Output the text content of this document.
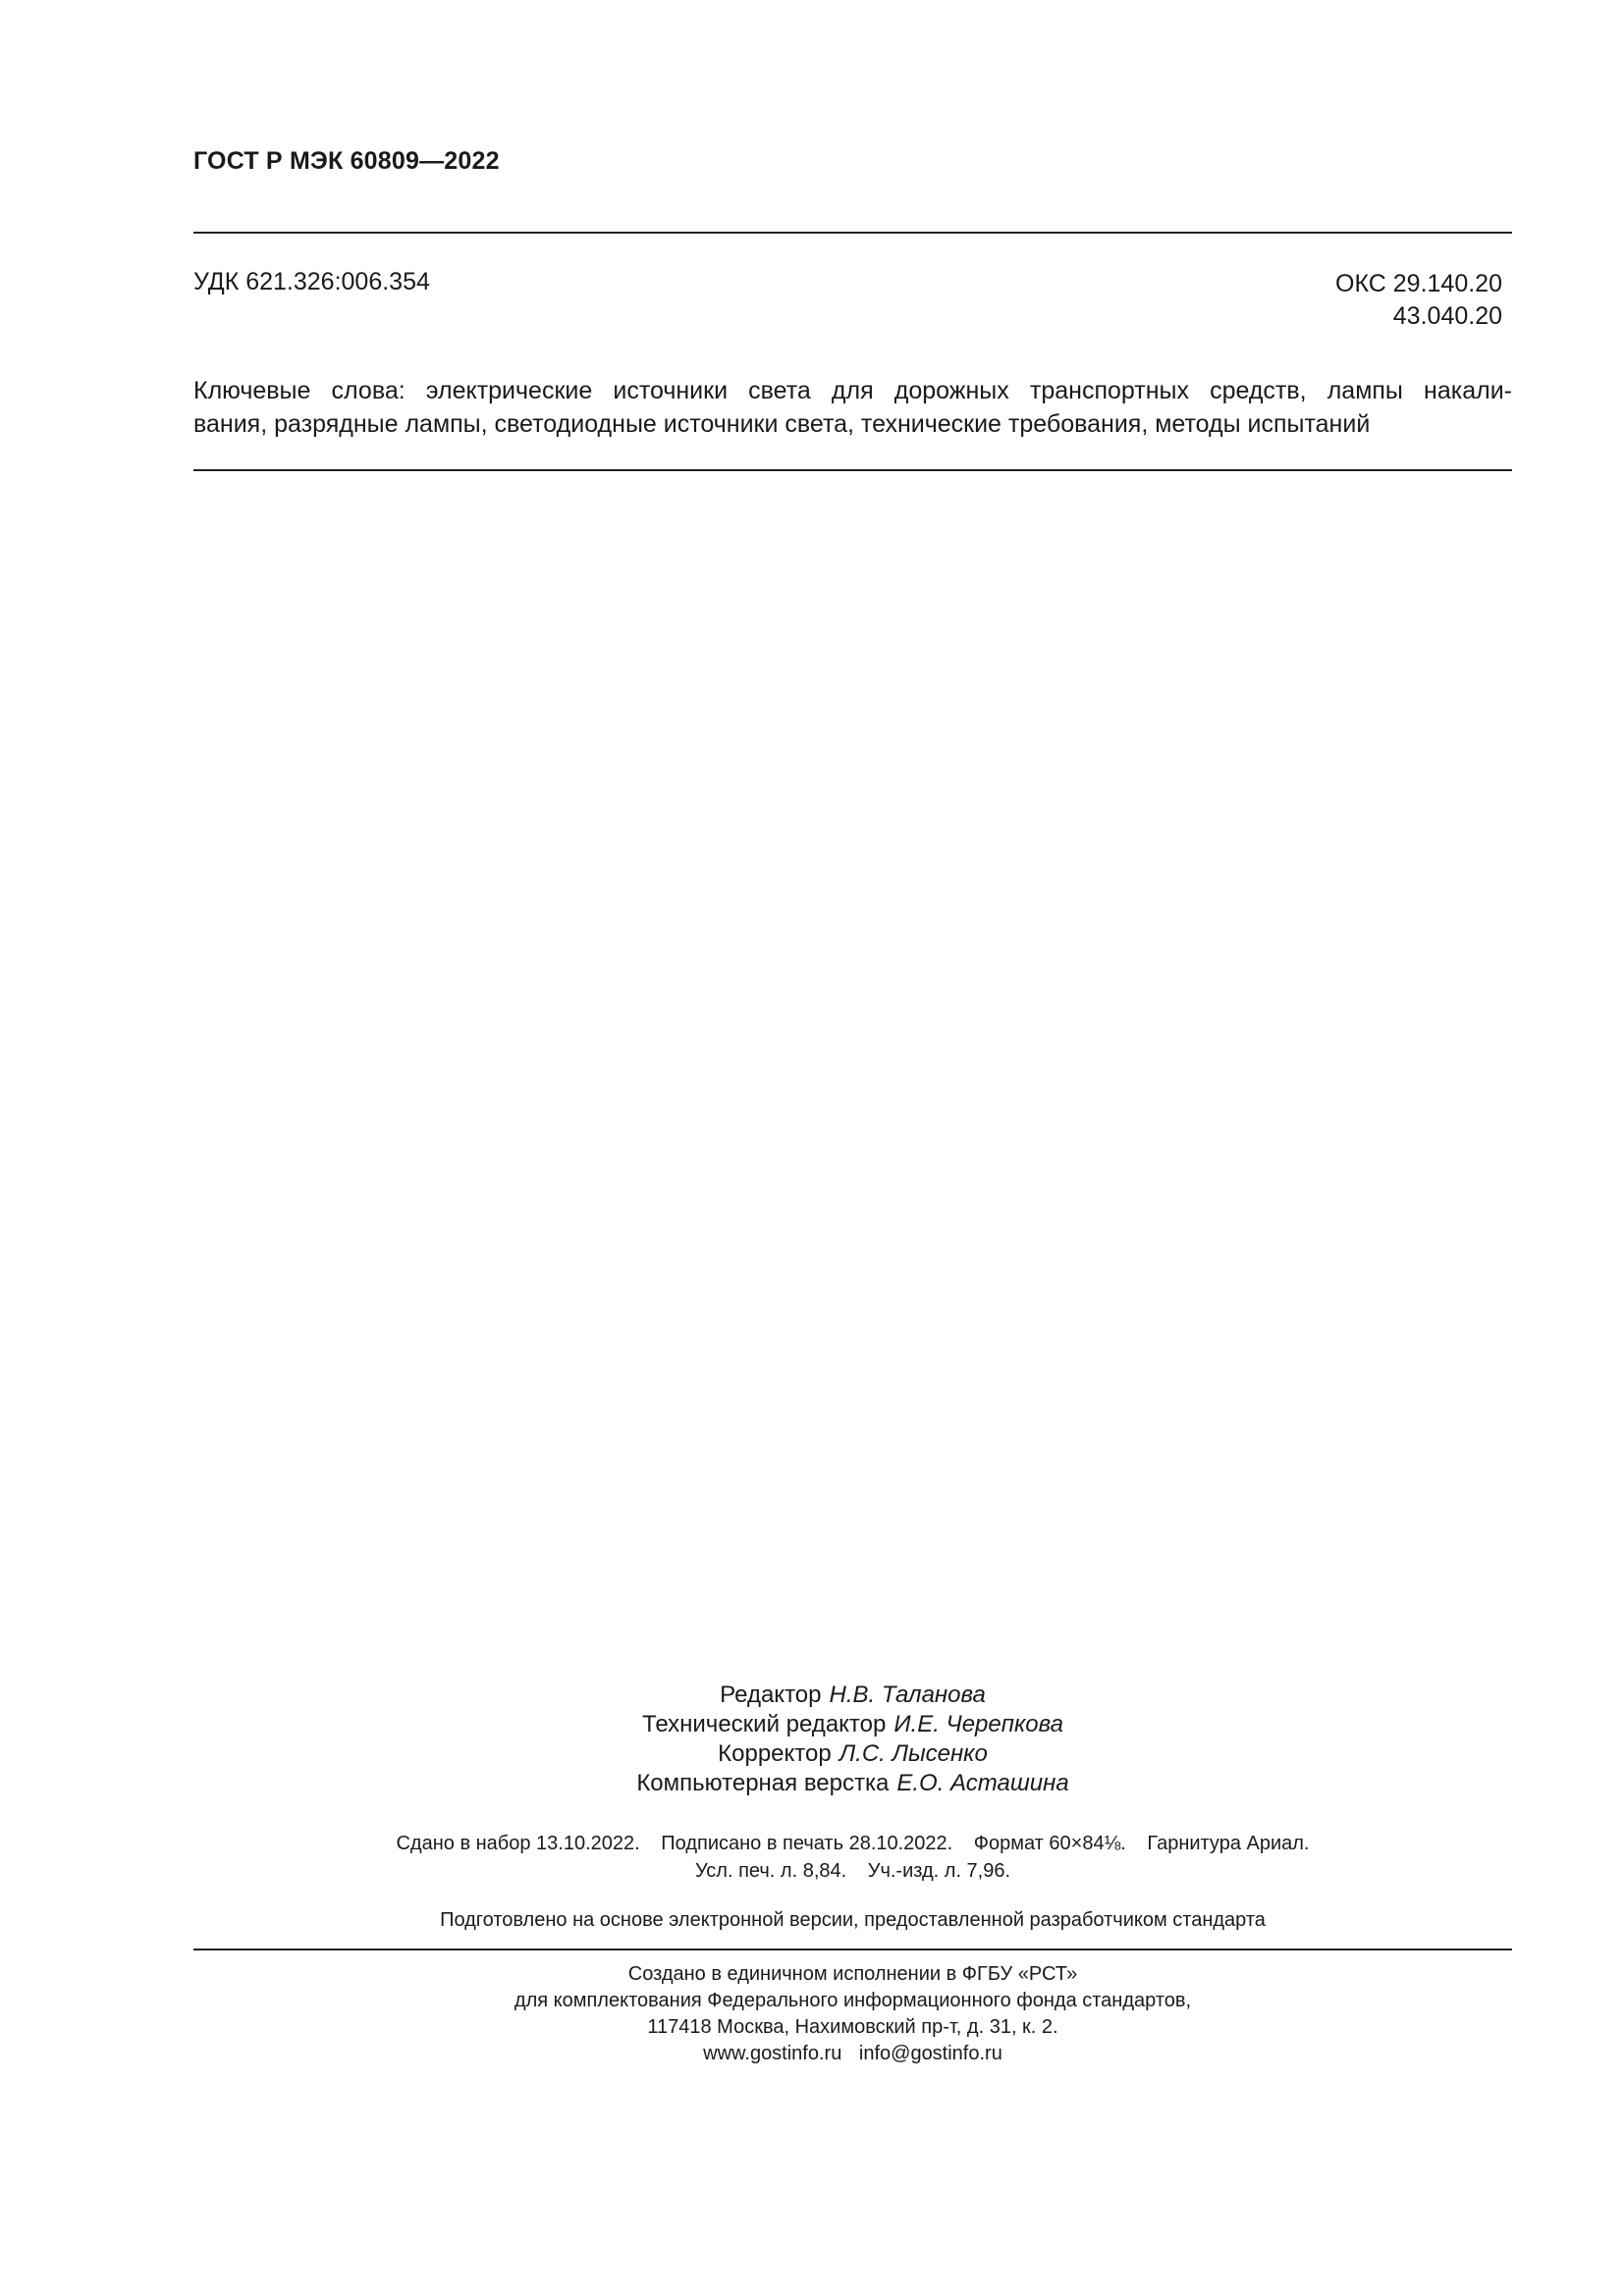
ГОСТ Р МЭК 60809—2022
УДК 621.326:006.354	ОКС 29.140.20
43.040.20
Ключевые слова: электрические источники света для дорожных транспортных средств, лампы накали-
вания, разрядные лампы, светодиодные источники света, технические требования, методы испытаний
Редактор Н.В. Таланова
Технический редактор И.Е. Черепкова
Корректор Л.С. Лысенко
Компьютерная верстка Е.О. Асташина
Сдано в набор 13.10.2022. Подписано в печать 28.10.2022. Формат 60×84⅛. Гарнитура Ариал.
Усл. печ. л. 8,84. Уч.-изд. л. 7,96.
Подготовлено на основе электронной версии, предоставленной разработчиком стандарта
Создано в единичном исполнении в ФГБУ «РСТ»
для комплектования Федерального информационного фонда стандартов,
117418 Москва, Нахимовский пр-т, д. 31, к. 2.
www.gostinfo.ru info@gostinfo.ru
